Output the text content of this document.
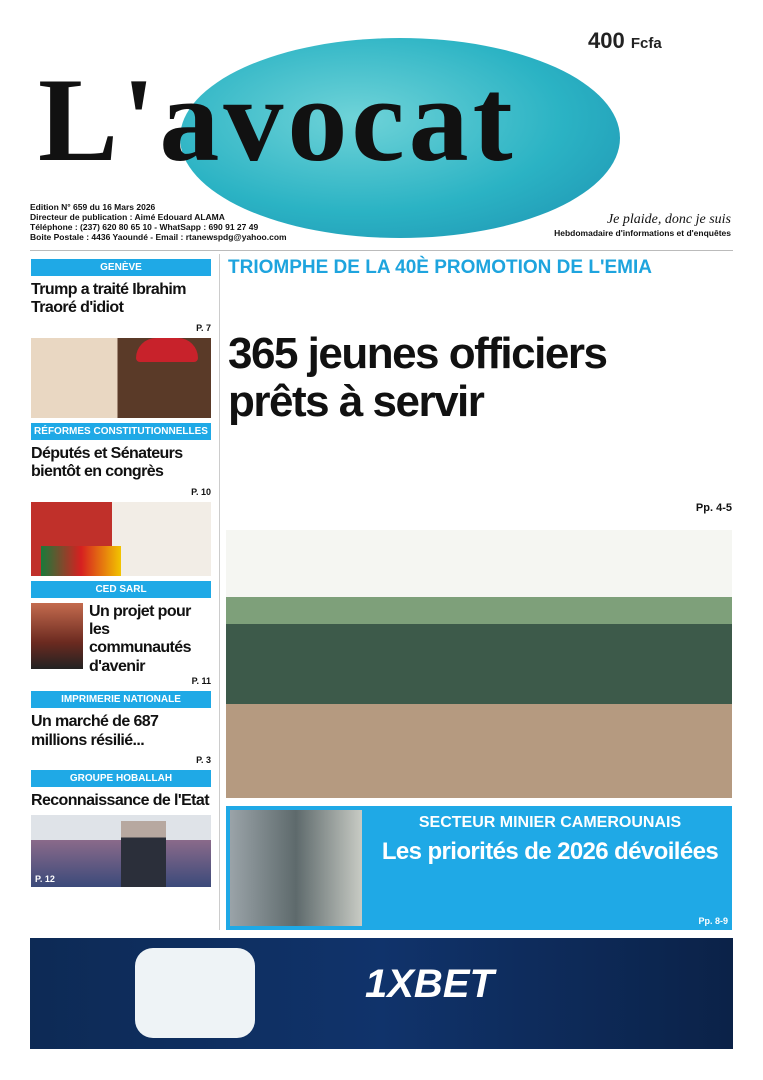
L'avocat
400 Fcfa
Edition N° 659 du 16 Mars 2026
Directeur de publication : Aimé Edouard ALAMA
Téléphone : (237) 620 80 65 10 - WhatSapp : 690 91 27 49
Boite Postale : 4436 Yaoundé - Email : rtanewspdg@yahoo.com
Je plaide, donc je suis
Hebdomadaire d'informations et d'enquêtes
GENÈVE
Trump a traité Ibrahim
Traoré d'idiot
P. 7
RÉFORMES CONSTITUTIONNELLES
Députés et Sénateurs
bientôt en congrès
P. 10
CED SARL
Un projet pour
les communautés
d'avenir
P. 11
IMPRIMERIE NATIONALE
Un marché de 687
millions résilié...
P. 3
GROUPE HOBALLAH
Reconnaissance de l'Etat
P. 12
TRIOMPHE DE LA 40È PROMOTION DE L'EMIA
365 jeunes officiers
prêts à servir
Pp. 4-5
SECTEUR MINIER CAMEROUNAIS
Les priorités de 2026 dévoilées
Pp. 8-9
1XBET
